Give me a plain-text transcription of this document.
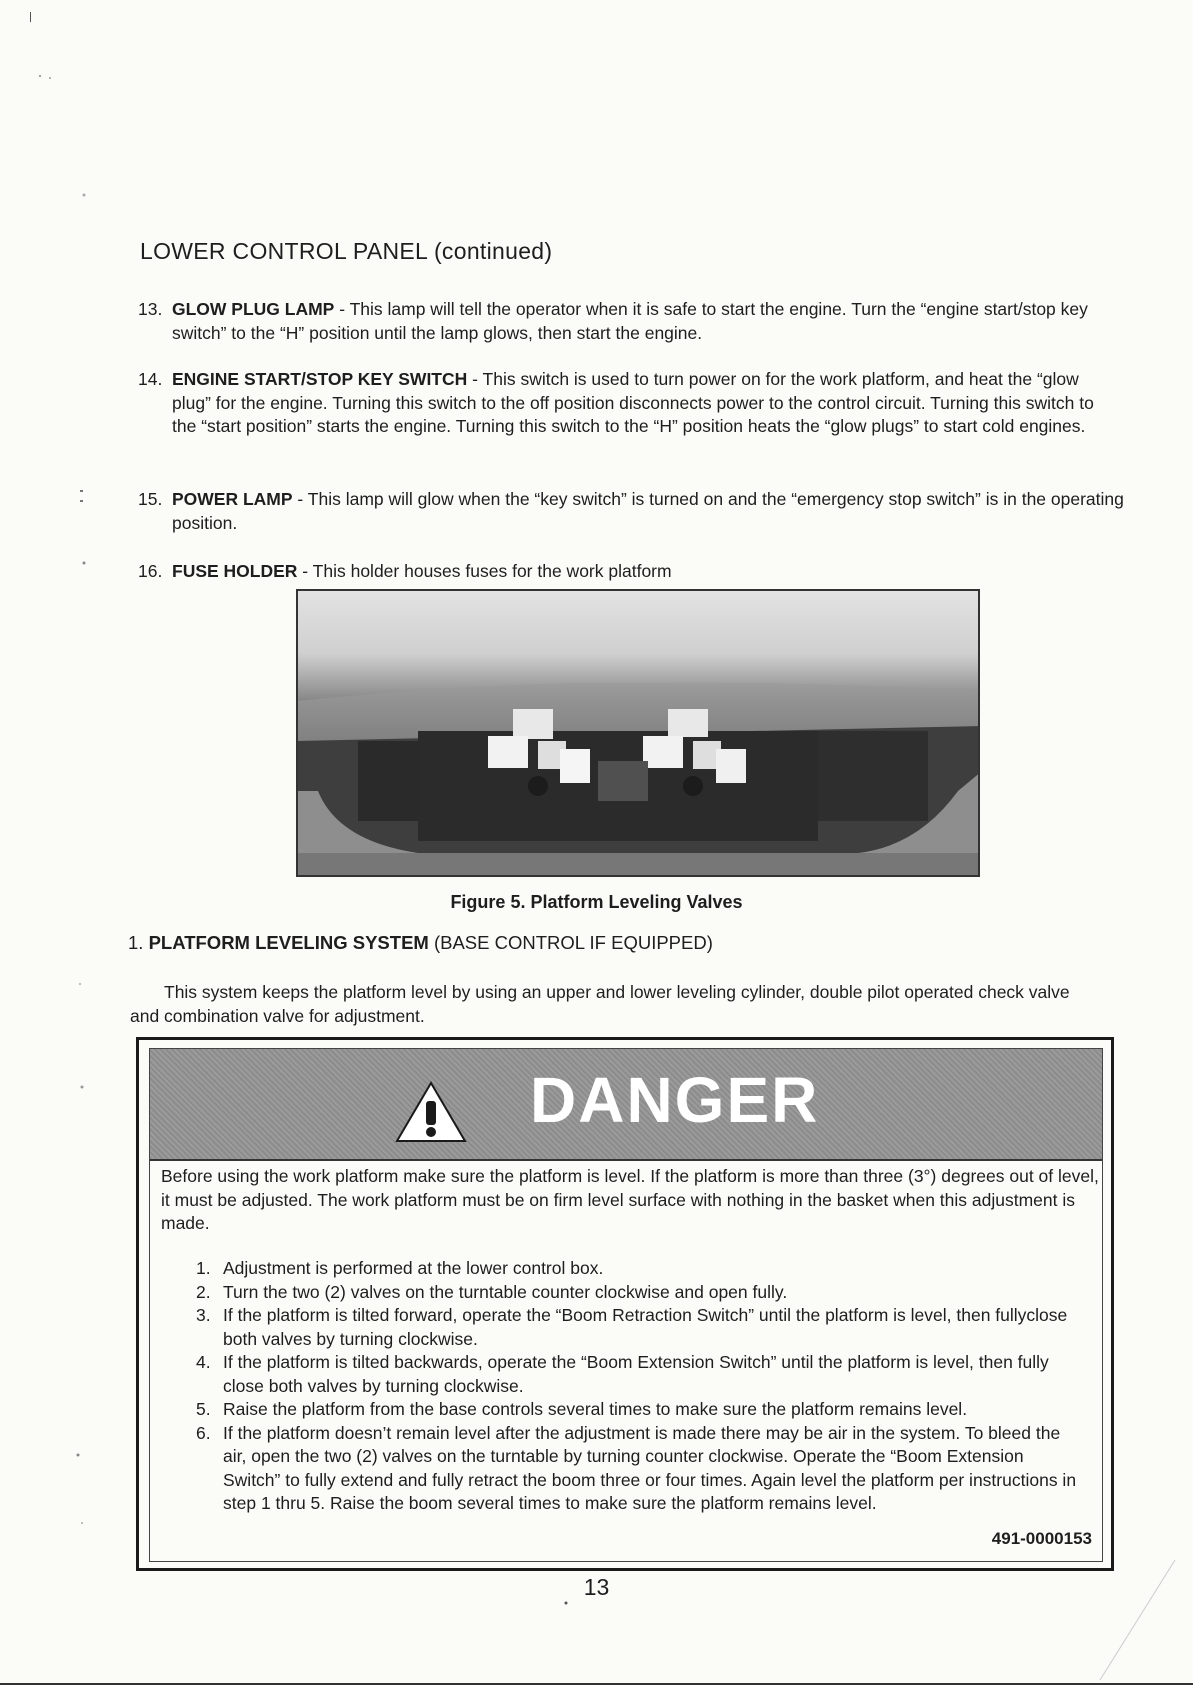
LOWER CONTROL PANEL (continued)
13. GLOW PLUG LAMP - This lamp will tell the operator when it is safe to start the engine. Turn the “engine start/stop key switch” to the “H” position until the lamp glows, then start the engine.
14. ENGINE START/STOP KEY SWITCH - This switch is used to turn power on for the work platform, and heat the “glow plug” for the engine. Turning this switch to the off position disconnects power to the control circuit. Turning this switch to the “start position” starts the engine. Turning this switch to the “H” position heats the “glow plugs” to start cold engines.
15. POWER LAMP - This lamp will glow when the “key switch” is turned on and the “emergency stop switch” is in the operating position.
16. FUSE HOLDER - This holder houses fuses for the work platform
Figure 5. Platform Leveling Valves
1. PLATFORM LEVELING SYSTEM (BASE CONTROL IF EQUIPPED)
This system keeps the platform level by using an upper and lower leveling cylinder, double pilot operated check valve and combination valve for adjustment.
DANGER
Before using the work platform make sure the platform is level. If the platform is more than three (3°) degrees out of level, it must be adjusted. The work platform must be on firm level surface with nothing in the basket when this adjustment is made.
1. Adjustment is performed at the lower control box.
2. Turn the two (2) valves on the turntable counter clockwise and open fully.
3. If the platform is tilted forward, operate the “Boom Retraction Switch” until the platform is level, then fullyclose both valves by turning clockwise.
4. If the platform is tilted backwards, operate the “Boom Extension Switch” until the platform is level, then fully close both valves by turning clockwise.
5. Raise the platform from the base controls several times to make sure the platform remains level.
6. If the platform doesn’t remain level after the adjustment is made there may be air in the system. To bleed the air, open the two (2) valves on the turntable by turning counter clockwise. Operate the “Boom Extension Switch” to fully extend and fully retract the boom three or four times. Again level the platform per instructions in step 1 thru 5. Raise the boom several times to make sure the platform remains level.
491-0000153
13
